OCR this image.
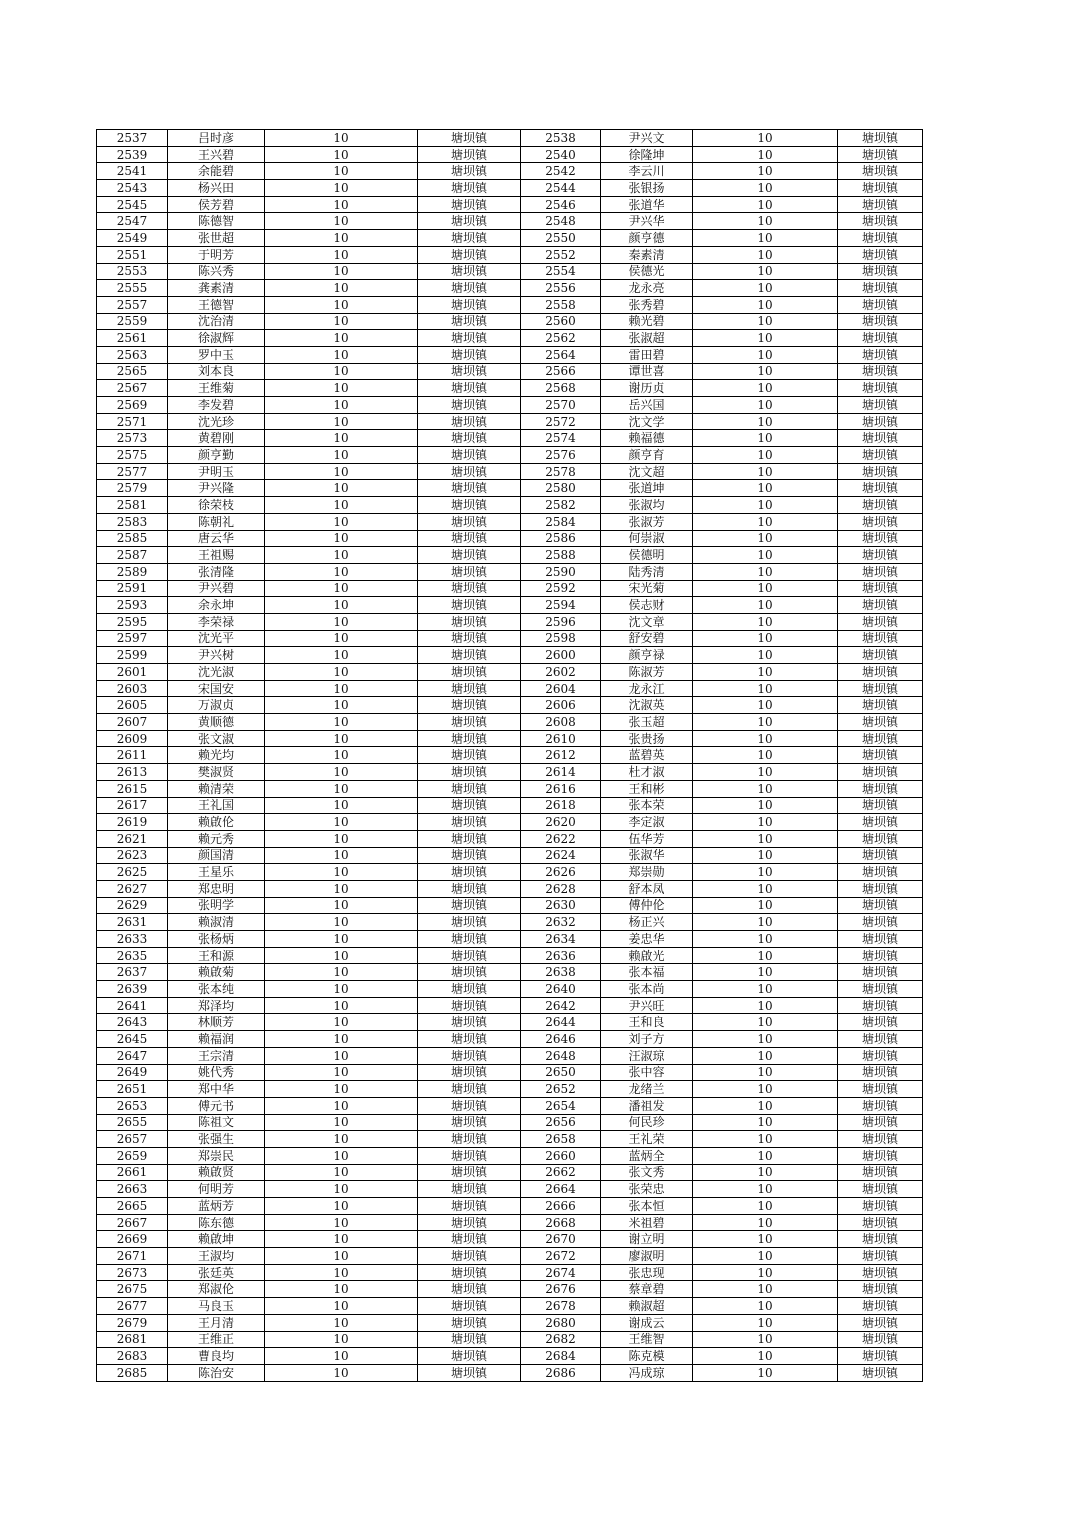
2537	吕时彦	10	塘坝镇	2538	尹兴文	10	塘坝镇
2539	王兴碧	10	塘坝镇	2540	徐隆坤	10	塘坝镇
2541	余能碧	10	塘坝镇	2542	李云川	10	塘坝镇
2543	杨兴田	10	塘坝镇	2544	张银扬	10	塘坝镇
2545	侯芳碧	10	塘坝镇	2546	张道华	10	塘坝镇
2547	陈德智	10	塘坝镇	2548	尹兴华	10	塘坝镇
2549	张世超	10	塘坝镇	2550	颜亨德	10	塘坝镇
2551	于明芳	10	塘坝镇	2552	秦素清	10	塘坝镇
2553	陈兴秀	10	塘坝镇	2554	侯德光	10	塘坝镇
2555	龚素清	10	塘坝镇	2556	龙永亮	10	塘坝镇
2557	王德智	10	塘坝镇	2558	张秀碧	10	塘坝镇
2559	沈治清	10	塘坝镇	2560	赖光碧	10	塘坝镇
2561	徐淑辉	10	塘坝镇	2562	张淑超	10	塘坝镇
2563	罗中玉	10	塘坝镇	2564	雷田碧	10	塘坝镇
2565	刘本良	10	塘坝镇	2566	谭世喜	10	塘坝镇
2567	王维菊	10	塘坝镇	2568	谢历贞	10	塘坝镇
2569	李发碧	10	塘坝镇	2570	岳兴国	10	塘坝镇
2571	沈光珍	10	塘坝镇	2572	沈文学	10	塘坝镇
2573	黄碧刚	10	塘坝镇	2574	赖福德	10	塘坝镇
2575	颜亨勤	10	塘坝镇	2576	颜亨育	10	塘坝镇
2577	尹明玉	10	塘坝镇	2578	沈文超	10	塘坝镇
2579	尹兴隆	10	塘坝镇	2580	张道坤	10	塘坝镇
2581	徐荣枝	10	塘坝镇	2582	张淑均	10	塘坝镇
2583	陈朝礼	10	塘坝镇	2584	张淑芳	10	塘坝镇
2585	唐云华	10	塘坝镇	2586	何崇淑	10	塘坝镇
2587	王祖赐	10	塘坝镇	2588	侯德明	10	塘坝镇
2589	张清隆	10	塘坝镇	2590	陆秀清	10	塘坝镇
2591	尹兴碧	10	塘坝镇	2592	宋光菊	10	塘坝镇
2593	余永坤	10	塘坝镇	2594	侯志财	10	塘坝镇
2595	李荣禄	10	塘坝镇	2596	沈文章	10	塘坝镇
2597	沈光平	10	塘坝镇	2598	舒安碧	10	塘坝镇
2599	尹兴树	10	塘坝镇	2600	颜亨禄	10	塘坝镇
2601	沈光淑	10	塘坝镇	2602	陈淑芳	10	塘坝镇
2603	宋国安	10	塘坝镇	2604	龙永江	10	塘坝镇
2605	万淑贞	10	塘坝镇	2606	沈淑英	10	塘坝镇
2607	黄顺德	10	塘坝镇	2608	张玉超	10	塘坝镇
2609	张文淑	10	塘坝镇	2610	张贵扬	10	塘坝镇
2611	赖光均	10	塘坝镇	2612	蓝碧英	10	塘坝镇
2613	樊淑贤	10	塘坝镇	2614	杜才淑	10	塘坝镇
2615	赖清荣	10	塘坝镇	2616	王和彬	10	塘坝镇
2617	王礼国	10	塘坝镇	2618	张本荣	10	塘坝镇
2619	赖啟伦	10	塘坝镇	2620	李定淑	10	塘坝镇
2621	赖元秀	10	塘坝镇	2622	伍华芳	10	塘坝镇
2623	颜国清	10	塘坝镇	2624	张淑华	10	塘坝镇
2625	王星乐	10	塘坝镇	2626	郑崇勋	10	塘坝镇
2627	郑忠明	10	塘坝镇	2628	舒本凤	10	塘坝镇
2629	张明学	10	塘坝镇	2630	傅仲伦	10	塘坝镇
2631	赖淑清	10	塘坝镇	2632	杨正兴	10	塘坝镇
2633	张杨炳	10	塘坝镇	2634	姜忠华	10	塘坝镇
2635	王和源	10	塘坝镇	2636	赖啟光	10	塘坝镇
2637	赖啟菊	10	塘坝镇	2638	张本福	10	塘坝镇
2639	张本纯	10	塘坝镇	2640	张本尚	10	塘坝镇
2641	郑泽均	10	塘坝镇	2642	尹兴旺	10	塘坝镇
2643	林顺芳	10	塘坝镇	2644	王和良	10	塘坝镇
2645	赖福润	10	塘坝镇	2646	刘子方	10	塘坝镇
2647	王宗清	10	塘坝镇	2648	汪淑琼	10	塘坝镇
2649	姚代秀	10	塘坝镇	2650	张中容	10	塘坝镇
2651	郑中华	10	塘坝镇	2652	龙绪兰	10	塘坝镇
2653	傅元书	10	塘坝镇	2654	潘祖发	10	塘坝镇
2655	陈祖文	10	塘坝镇	2656	何民珍	10	塘坝镇
2657	张强生	10	塘坝镇	2658	王礼荣	10	塘坝镇
2659	郑崇民	10	塘坝镇	2660	蓝炳全	10	塘坝镇
2661	赖啟贤	10	塘坝镇	2662	张文秀	10	塘坝镇
2663	何明芳	10	塘坝镇	2664	张荣忠	10	塘坝镇
2665	蓝炳芳	10	塘坝镇	2666	张本恒	10	塘坝镇
2667	陈东德	10	塘坝镇	2668	米祖碧	10	塘坝镇
2669	赖啟坤	10	塘坝镇	2670	谢立明	10	塘坝镇
2671	王淑均	10	塘坝镇	2672	廖淑明	10	塘坝镇
2673	张廷英	10	塘坝镇	2674	张忠现	10	塘坝镇
2675	郑淑伦	10	塘坝镇	2676	蔡章碧	10	塘坝镇
2677	马良玉	10	塘坝镇	2678	赖淑超	10	塘坝镇
2679	王月清	10	塘坝镇	2680	谢成云	10	塘坝镇
2681	王维正	10	塘坝镇	2682	王维智	10	塘坝镇
2683	曹良均	10	塘坝镇	2684	陈克模	10	塘坝镇
2685	陈治安	10	塘坝镇	2686	冯成琼	10	塘坝镇
